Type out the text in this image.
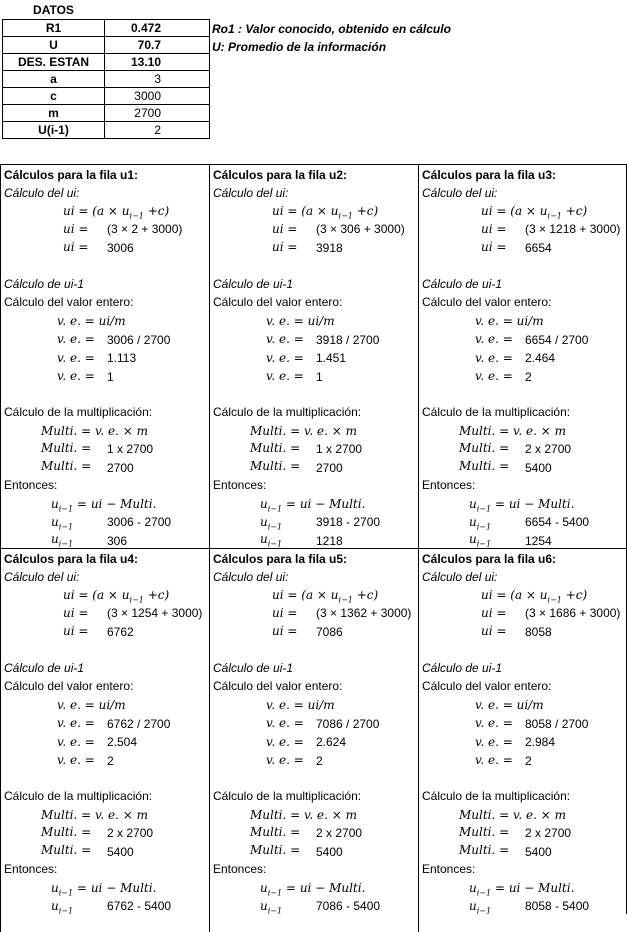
DATOS	
R1	0.472
U	70.7
DES. ESTAN	13.10
a	3
c	3000
m	2700
U(i-1)	2
Ro1 : Valor conocido, obtenido en cálculo
U: Promedio de la información
Cálculos para la fila u1:
Cálculo del ui:
ui = $(a \times u_{i-1} +c)$
ui = (3 × 2 + 3000)
ui = 3006
Cálculo de ui-1
Cálculo del valor entero:
v. e. = ui/m
v. e. = 3006 / 2700
v. e. = 1.113
v. e. = 1
Cálculo de la multiplicación:
Multi. = v. e. × m
Multi. = 1 x 2700
Multi. = 2700
Entonces:
$u_{i-1}$ = ui − Multi.
$u_{i-1}$	3006 - 2700
$u_{i-1}$	306
Cálculos para la fila u2:
Cálculo del ui:
ui = $(a \times u_{i-1} +c)$
ui = (3 × 306 + 3000)
ui = 3918
Cálculo de ui-1
Cálculo del valor entero:
v. e. = ui/m
v. e. = 3918 / 2700
v. e. = 1.451
v. e. = 1
Cálculo de la multiplicación:
Multi. = v. e. × m
Multi. = 1 x 2700
Multi. = 2700
Entonces:
$u_{i-1}$ = ui − Multi.
$u_{i-1}$	3918 - 2700
$u_{i-1}$	1218
Cálculos para la fila u3:
Cálculo del ui:
ui = $(a \times u_{i-1} +c)$
ui = (3 × 1218 + 3000)
ui = 6654
Cálculo de ui-1
Cálculo del valor entero:
v. e. = ui/m
v. e. = 6654 / 2700
v. e. = 2.464
v. e. = 2
Cálculo de la multiplicación:
Multi. = v. e. × m
Multi. = 2 x 2700
Multi. = 5400
Entonces:
$u_{i-1}$ = ui − Multi.
$u_{i-1}$	6654 - 5400
$u_{i-1}$	1254
Cálculos para la fila u4:
Cálculo del ui:
ui = $(a \times u_{i-1} +c)$
ui = (3 × 1254 + 3000)
ui = 6762
Cálculo de ui-1
Cálculo del valor entero:
v. e. = ui/m
v. e. = 6762 / 2700
v. e. = 2.504
v. e. = 2
Cálculo de la multiplicación:
Multi. = v. e. × m
Multi. = 2 x 2700
Multi. = 5400
Entonces:
$u_{i-1}$ = ui − Multi.
$u_{i-1}$	6762 - 5400
Cálculos para la fila u5:
Cálculo del ui:
ui = $(a \times u_{i-1} +c)$
ui = (3 × 1362 + 3000)
ui = 7086
Cálculo de ui-1
Cálculo del valor entero:
v. e. = ui/m
v. e. = 7086 / 2700
v. e. = 2.624
v. e. = 2
Cálculo de la multiplicación:
Multi. = v. e. × m
Multi. = 2 x 2700
Multi. = 5400
Entonces:
$u_{i-1}$ = ui − Multi.
$u_{i-1}$	7086 - 5400
Cálculos para la fila u6:
Cálculo del ui:
ui = $(a \times u_{i-1} +c)$
ui = (3 × 1686 + 3000)
ui = 8058
Cálculo de ui-1
Cálculo del valor entero:
v. e. = ui/m
v. e. = 8058 / 2700
v. e. = 2.984
v. e. = 2
Cálculo de la multiplicación:
Multi. = v. e. × m
Multi. = 2 x 2700
Multi. = 5400
Entonces:
$u_{i-1}$ = ui − Multi.
$u_{i-1}$	8058 - 5400
